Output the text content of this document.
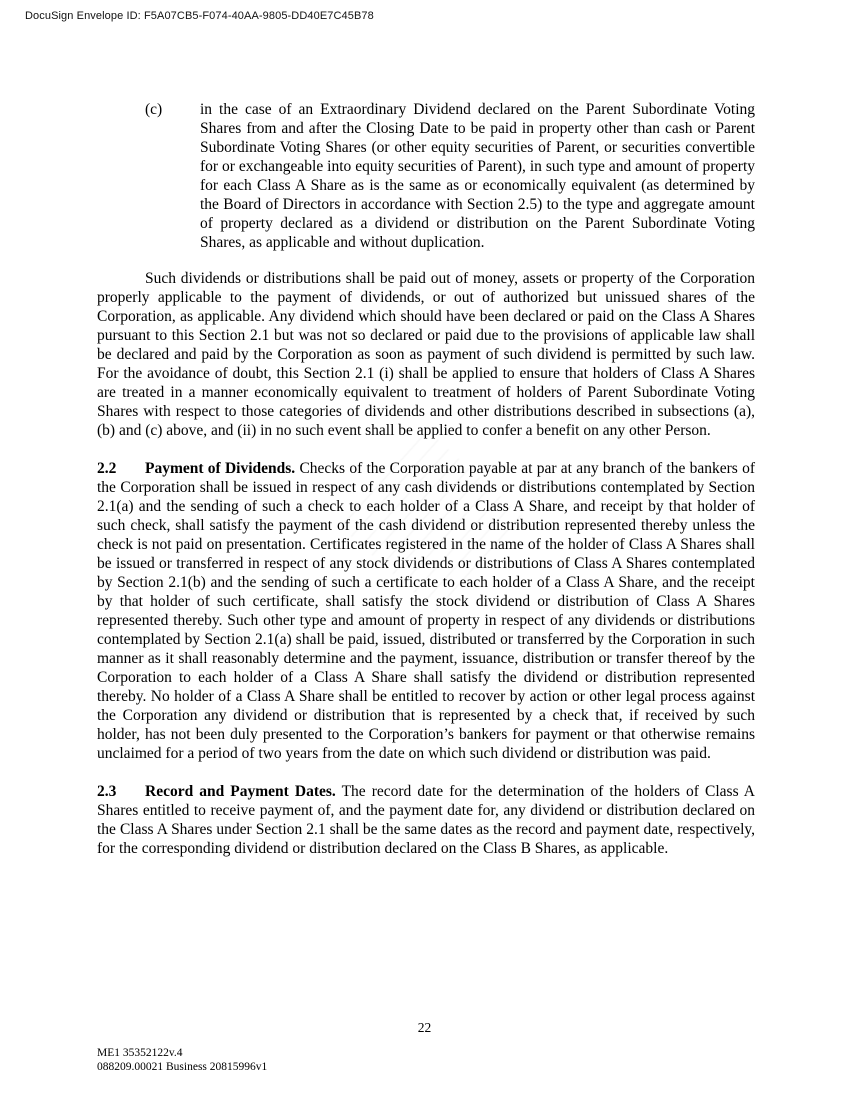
DocuSign Envelope ID: F5A07CB5-F074-40AA-9805-DD40E7C45B78
(c) in the case of an Extraordinary Dividend declared on the Parent Subordinate Voting Shares from and after the Closing Date to be paid in property other than cash or Parent Subordinate Voting Shares (or other equity securities of Parent, or securities convertible for or exchangeable into equity securities of Parent), in such type and amount of property for each Class A Share as is the same as or economically equivalent (as determined by the Board of Directors in accordance with Section 2.5) to the type and aggregate amount of property declared as a dividend or distribution on the Parent Subordinate Voting Shares, as applicable and without duplication.
Such dividends or distributions shall be paid out of money, assets or property of the Corporation properly applicable to the payment of dividends, or out of authorized but unissued shares of the Corporation, as applicable. Any dividend which should have been declared or paid on the Class A Shares pursuant to this Section 2.1 but was not so declared or paid due to the provisions of applicable law shall be declared and paid by the Corporation as soon as payment of such dividend is permitted by such law. For the avoidance of doubt, this Section 2.1 (i) shall be applied to ensure that holders of Class A Shares are treated in a manner economically equivalent to treatment of holders of Parent Subordinate Voting Shares with respect to those categories of dividends and other distributions described in subsections (a), (b) and (c) above, and (ii) in no such event shall be applied to confer a benefit on any other Person.
2.2 Payment of Dividends. Checks of the Corporation payable at par at any branch of the bankers of the Corporation shall be issued in respect of any cash dividends or distributions contemplated by Section 2.1(a) and the sending of such a check to each holder of a Class A Share, and receipt by that holder of such check, shall satisfy the payment of the cash dividend or distribution represented thereby unless the check is not paid on presentation. Certificates registered in the name of the holder of Class A Shares shall be issued or transferred in respect of any stock dividends or distributions of Class A Shares contemplated by Section 2.1(b) and the sending of such a certificate to each holder of a Class A Share, and the receipt by that holder of such certificate, shall satisfy the stock dividend or distribution of Class A Shares represented thereby. Such other type and amount of property in respect of any dividends or distributions contemplated by Section 2.1(a) shall be paid, issued, distributed or transferred by the Corporation in such manner as it shall reasonably determine and the payment, issuance, distribution or transfer thereof by the Corporation to each holder of a Class A Share shall satisfy the dividend or distribution represented thereby. No holder of a Class A Share shall be entitled to recover by action or other legal process against the Corporation any dividend or distribution that is represented by a check that, if received by such holder, has not been duly presented to the Corporation’s bankers for payment or that otherwise remains unclaimed for a period of two years from the date on which such dividend or distribution was paid.
2.3 Record and Payment Dates. The record date for the determination of the holders of Class A Shares entitled to receive payment of, and the payment date for, any dividend or distribution declared on the Class A Shares under Section 2.1 shall be the same dates as the record and payment date, respectively, for the corresponding dividend or distribution declared on the Class B Shares, as applicable.
22
ME1 35352122v.4
088209.00021 Business 20815996v1
